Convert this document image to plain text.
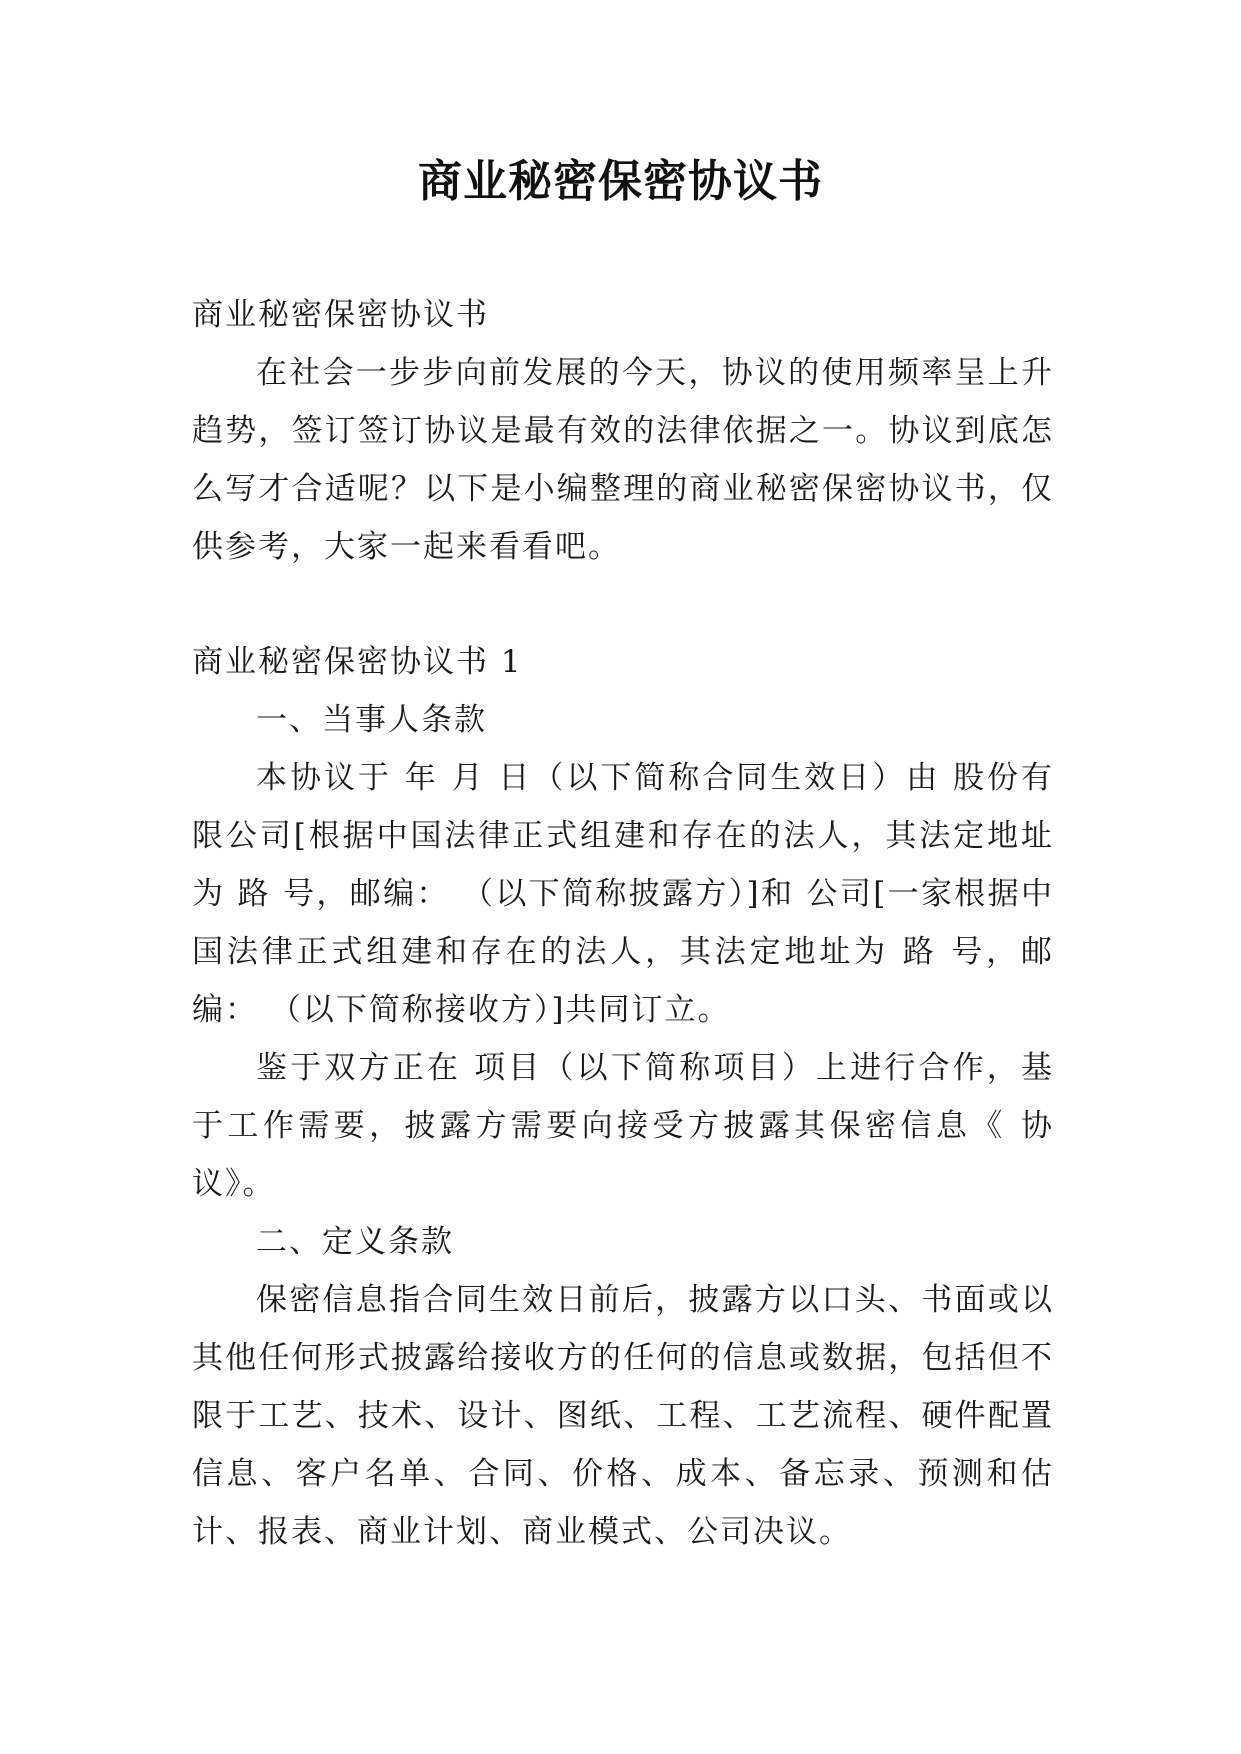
商业秘密保密协议书

商业秘密保密协议书

在社会一步步向前发展的今天，协议的使用频率呈上升趋势，签订签订协议是最有效的法律依据之一。协议到底怎么写才合适呢？以下是小编整理的商业秘密保密协议书，仅供参考，大家一起来看看吧。

商业秘密保密协议书 1

一、当事人条款

本协议于 年 月 日（以下简称合同生效日）由 股份有限公司[根据中国法律正式组建和存在的法人，其法定地址为 路 号，邮编： （以下简称披露方）]和 公司[一家根据中国法律正式组建和存在的法人，其法定地址为 路 号，邮编： （以下简称接收方）]共同订立。

鉴于双方正在 项目（以下简称项目）上进行合作，基于工作需要，披露方需要向接受方披露其保密信息《 协议》。

二、定义条款

保密信息指合同生效日前后，披露方以口头、书面或以其他任何形式披露给接收方的任何的信息或数据，包括但不限于工艺、技术、设计、图纸、工程、工艺流程、硬件配置信息、客户名单、合同、价格、成本、备忘录、预测和估计、报表、商业计划、商业模式、公司决议。
